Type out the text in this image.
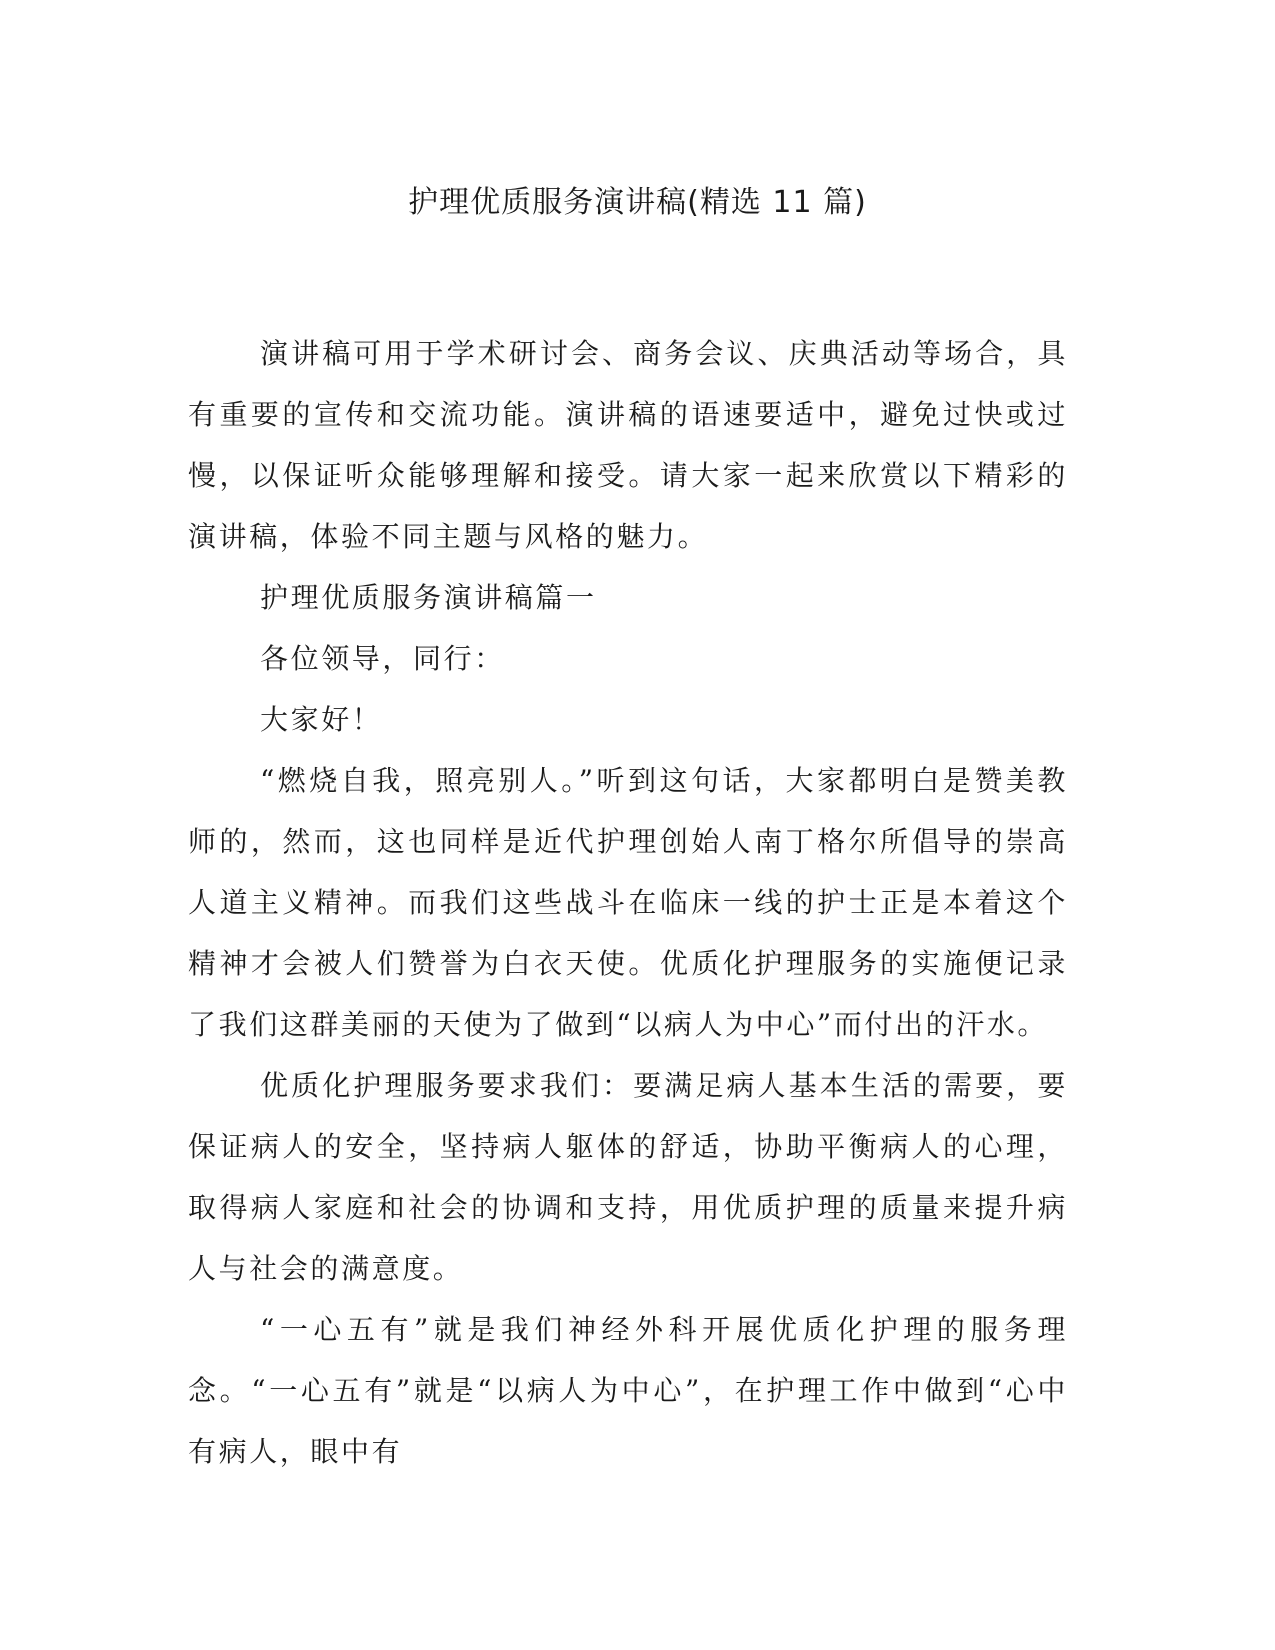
护理优质服务演讲稿(精选 11 篇)

演讲稿可用于学术研讨会、商务会议、庆典活动等场合，具有重要的宣传和交流功能。演讲稿的语速要适中，避免过快或过慢，以保证听众能够理解和接受。请大家一起来欣赏以下精彩的演讲稿，体验不同主题与风格的魅力。

护理优质服务演讲稿篇一

各位领导，同行：

大家好！

“燃烧自我，照亮别人。”听到这句话，大家都明白是赞美教师的，然而，这也同样是近代护理创始人南丁格尔所倡导的崇高人道主义精神。而我们这些战斗在临床一线的护士正是本着这个精神才会被人们赞誉为白衣天使。优质化护理服务的实施便记录了我们这群美丽的天使为了做到“以病人为中心”而付出的汗水。

优质化护理服务要求我们：要满足病人基本生活的需要，要保证病人的安全，坚持病人躯体的舒适，协助平衡病人的心理，取得病人家庭和社会的协调和支持，用优质护理的质量来提升病人与社会的满意度。

“一心五有”就是我们神经外科开展优质化护理的服务理念。“一心五有”就是“以病人为中心”，在护理工作中做到“心中有病人，眼中有
